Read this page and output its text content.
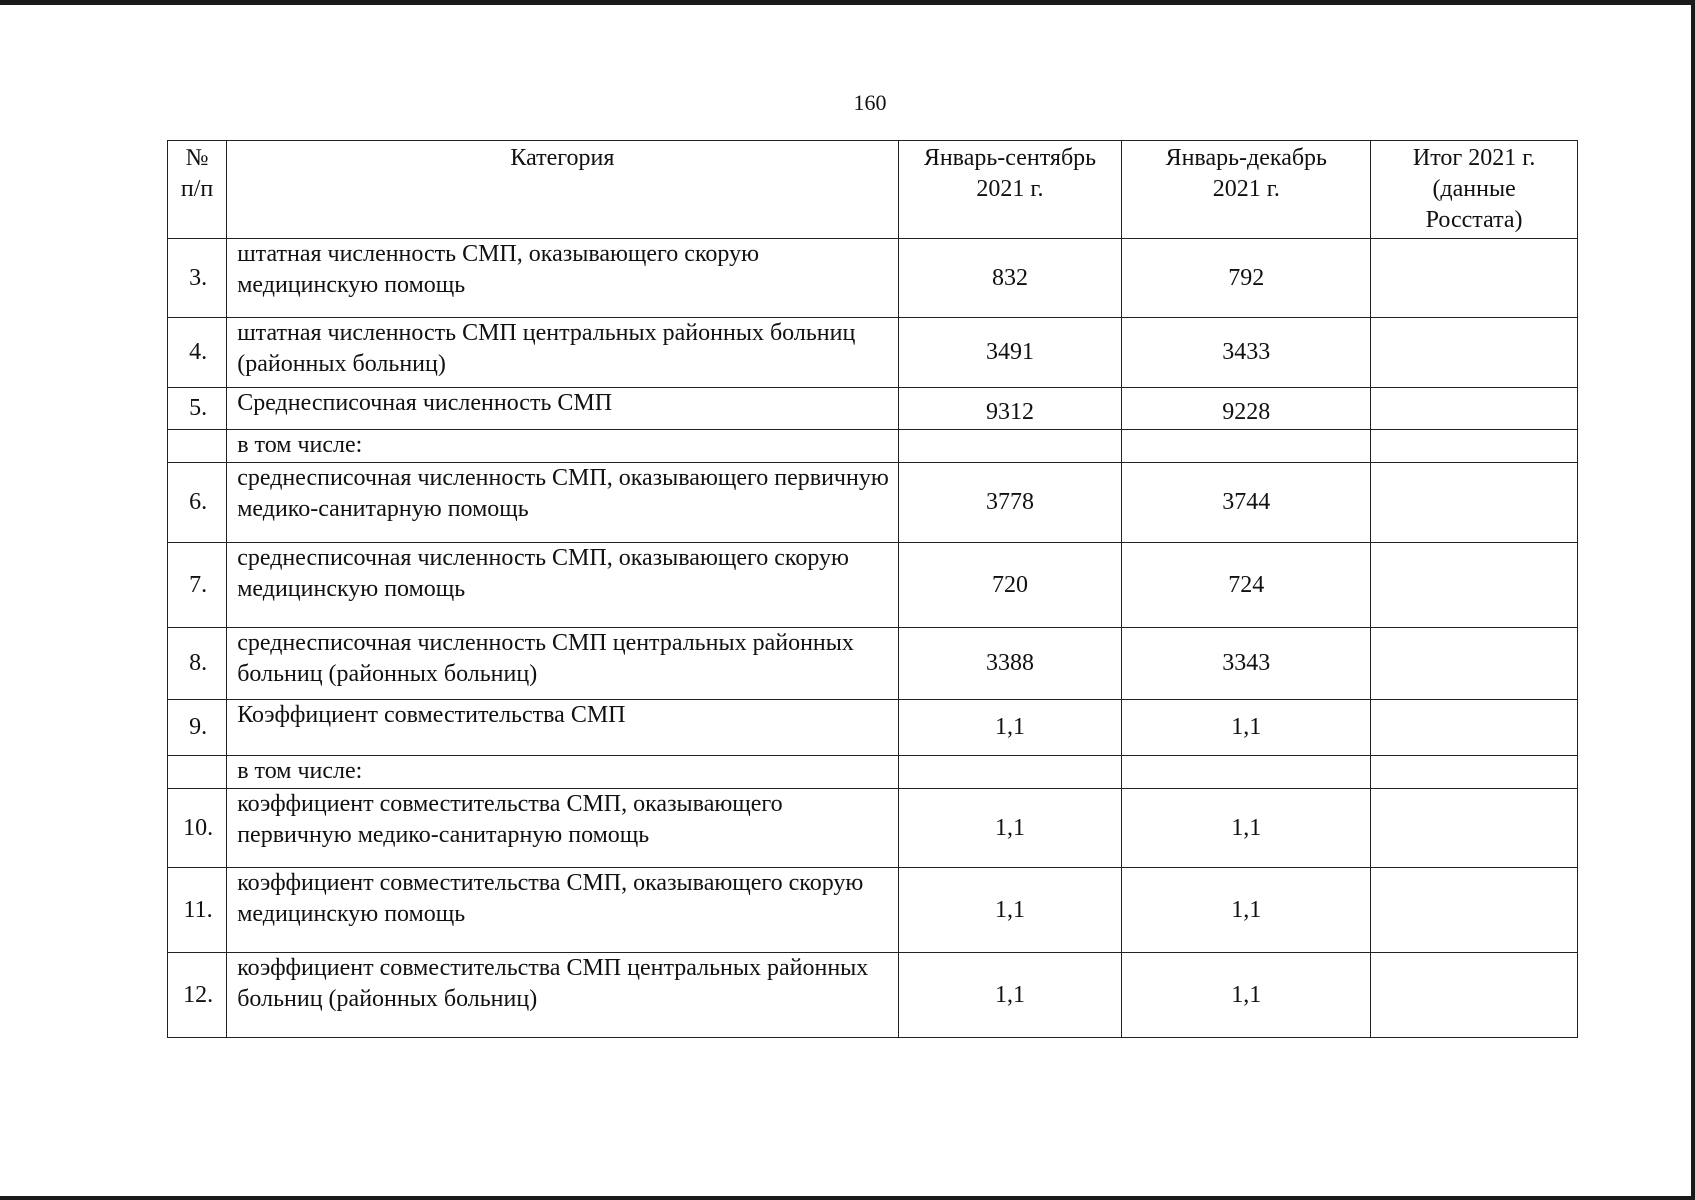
160
№ п/п	Категория	Январь-сентябрь 2021 г.	Январь-декабрь 2021 г.	Итог 2021 г. (данные Росстата)
3.	штатная численность СМП, оказывающего скорую медицинскую помощь	832	792	
4.	штатная численность СМП центральных районных больниц (районных больниц)	3491	3433	
5.	Среднесписочная численность СМП	9312	9228	
	в том числе:			
6.	среднесписочная численность СМП, оказывающего первичную медико-санитарную помощь	3778	3744	
7.	среднесписочная численность СМП, оказывающего скорую медицинскую помощь	720	724	
8.	среднесписочная численность СМП центральных районных больниц (районных больниц)	3388	3343	
9.	Коэффициент совместительства СМП	1,1	1,1	
	в том числе:			
10.	коэффициент совместительства СМП, оказывающего первичную медико-санитарную помощь	1,1	1,1	
11.	коэффициент совместительства СМП, оказывающего скорую медицинскую помощь	1,1	1,1	
12.	коэффициент совместительства СМП центральных районных больниц (районных больниц)	1,1	1,1	
